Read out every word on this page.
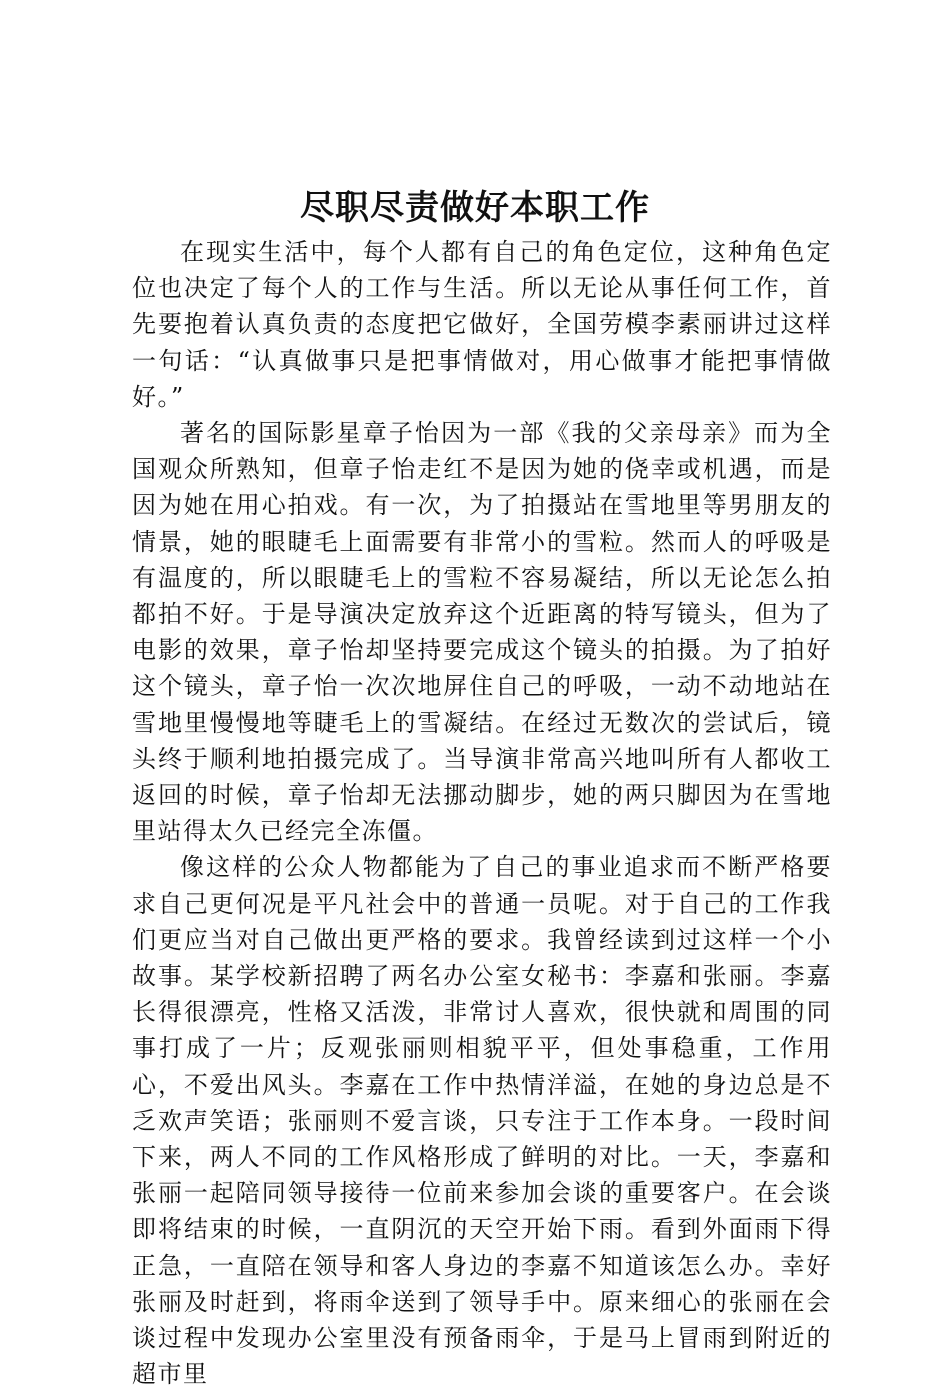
尽职尽责做好本职工作

在现实生活中，每个人都有自己的角色定位，这种角色定位也决定了每个人的工作与生活。所以无论从事任何工作，首先要抱着认真负责的态度把它做好，全国劳模李素丽讲过这样一句话：“认真做事只是把事情做对，用心做事才能把事情做好。”

著名的国际影星章子怡因为一部《我的父亲母亲》而为全国观众所熟知，但章子怡走红不是因为她的侥幸或机遇，而是因为她在用心拍戏。有一次，为了拍摄站在雪地里等男朋友的情景，她的眼睫毛上面需要有非常小的雪粒。然而人的呼吸是有温度的，所以眼睫毛上的雪粒不容易凝结，所以无论怎么拍都拍不好。于是导演决定放弃这个近距离的特写镜头，但为了电影的效果，章子怡却坚持要完成这个镜头的拍摄。为了拍好这个镜头，章子怡一次次地屏住自己的呼吸，一动不动地站在雪地里慢慢地等睫毛上的雪凝结。在经过无数次的尝试后，镜头终于顺利地拍摄完成了。当导演非常高兴地叫所有人都收工返回的时候，章子怡却无法挪动脚步，她的两只脚因为在雪地里站得太久已经完全冻僵。

像这样的公众人物都能为了自己的事业追求而不断严格要求自己更何况是平凡社会中的普通一员呢。对于自己的工作我们更应当对自己做出更严格的要求。我曾经读到过这样一个小故事。某学校新招聘了两名办公室女秘书：李嘉和张丽。李嘉长得很漂亮，性格又活泼，非常讨人喜欢，很快就和周围的同事打成了一片；反观张丽则相貌平平，但处事稳重，工作用心，不爱出风头。李嘉在工作中热情洋溢，在她的身边总是不乏欢声笑语；张丽则不爱言谈，只专注于工作本身。一段时间下来，两人不同的工作风格形成了鲜明的对比。一天，李嘉和张丽一起陪同领导接待一位前来参加会谈的重要客户。在会谈即将结束的时候，一直阴沉的天空开始下雨。看到外面雨下得正急，一直陪在领导和客人身边的李嘉不知道该怎么办。幸好张丽及时赶到，将雨伞送到了领导手中。原来细心的张丽在会谈过程中发现办公室里没有预备雨伞，于是马上冒雨到附近的超市里
